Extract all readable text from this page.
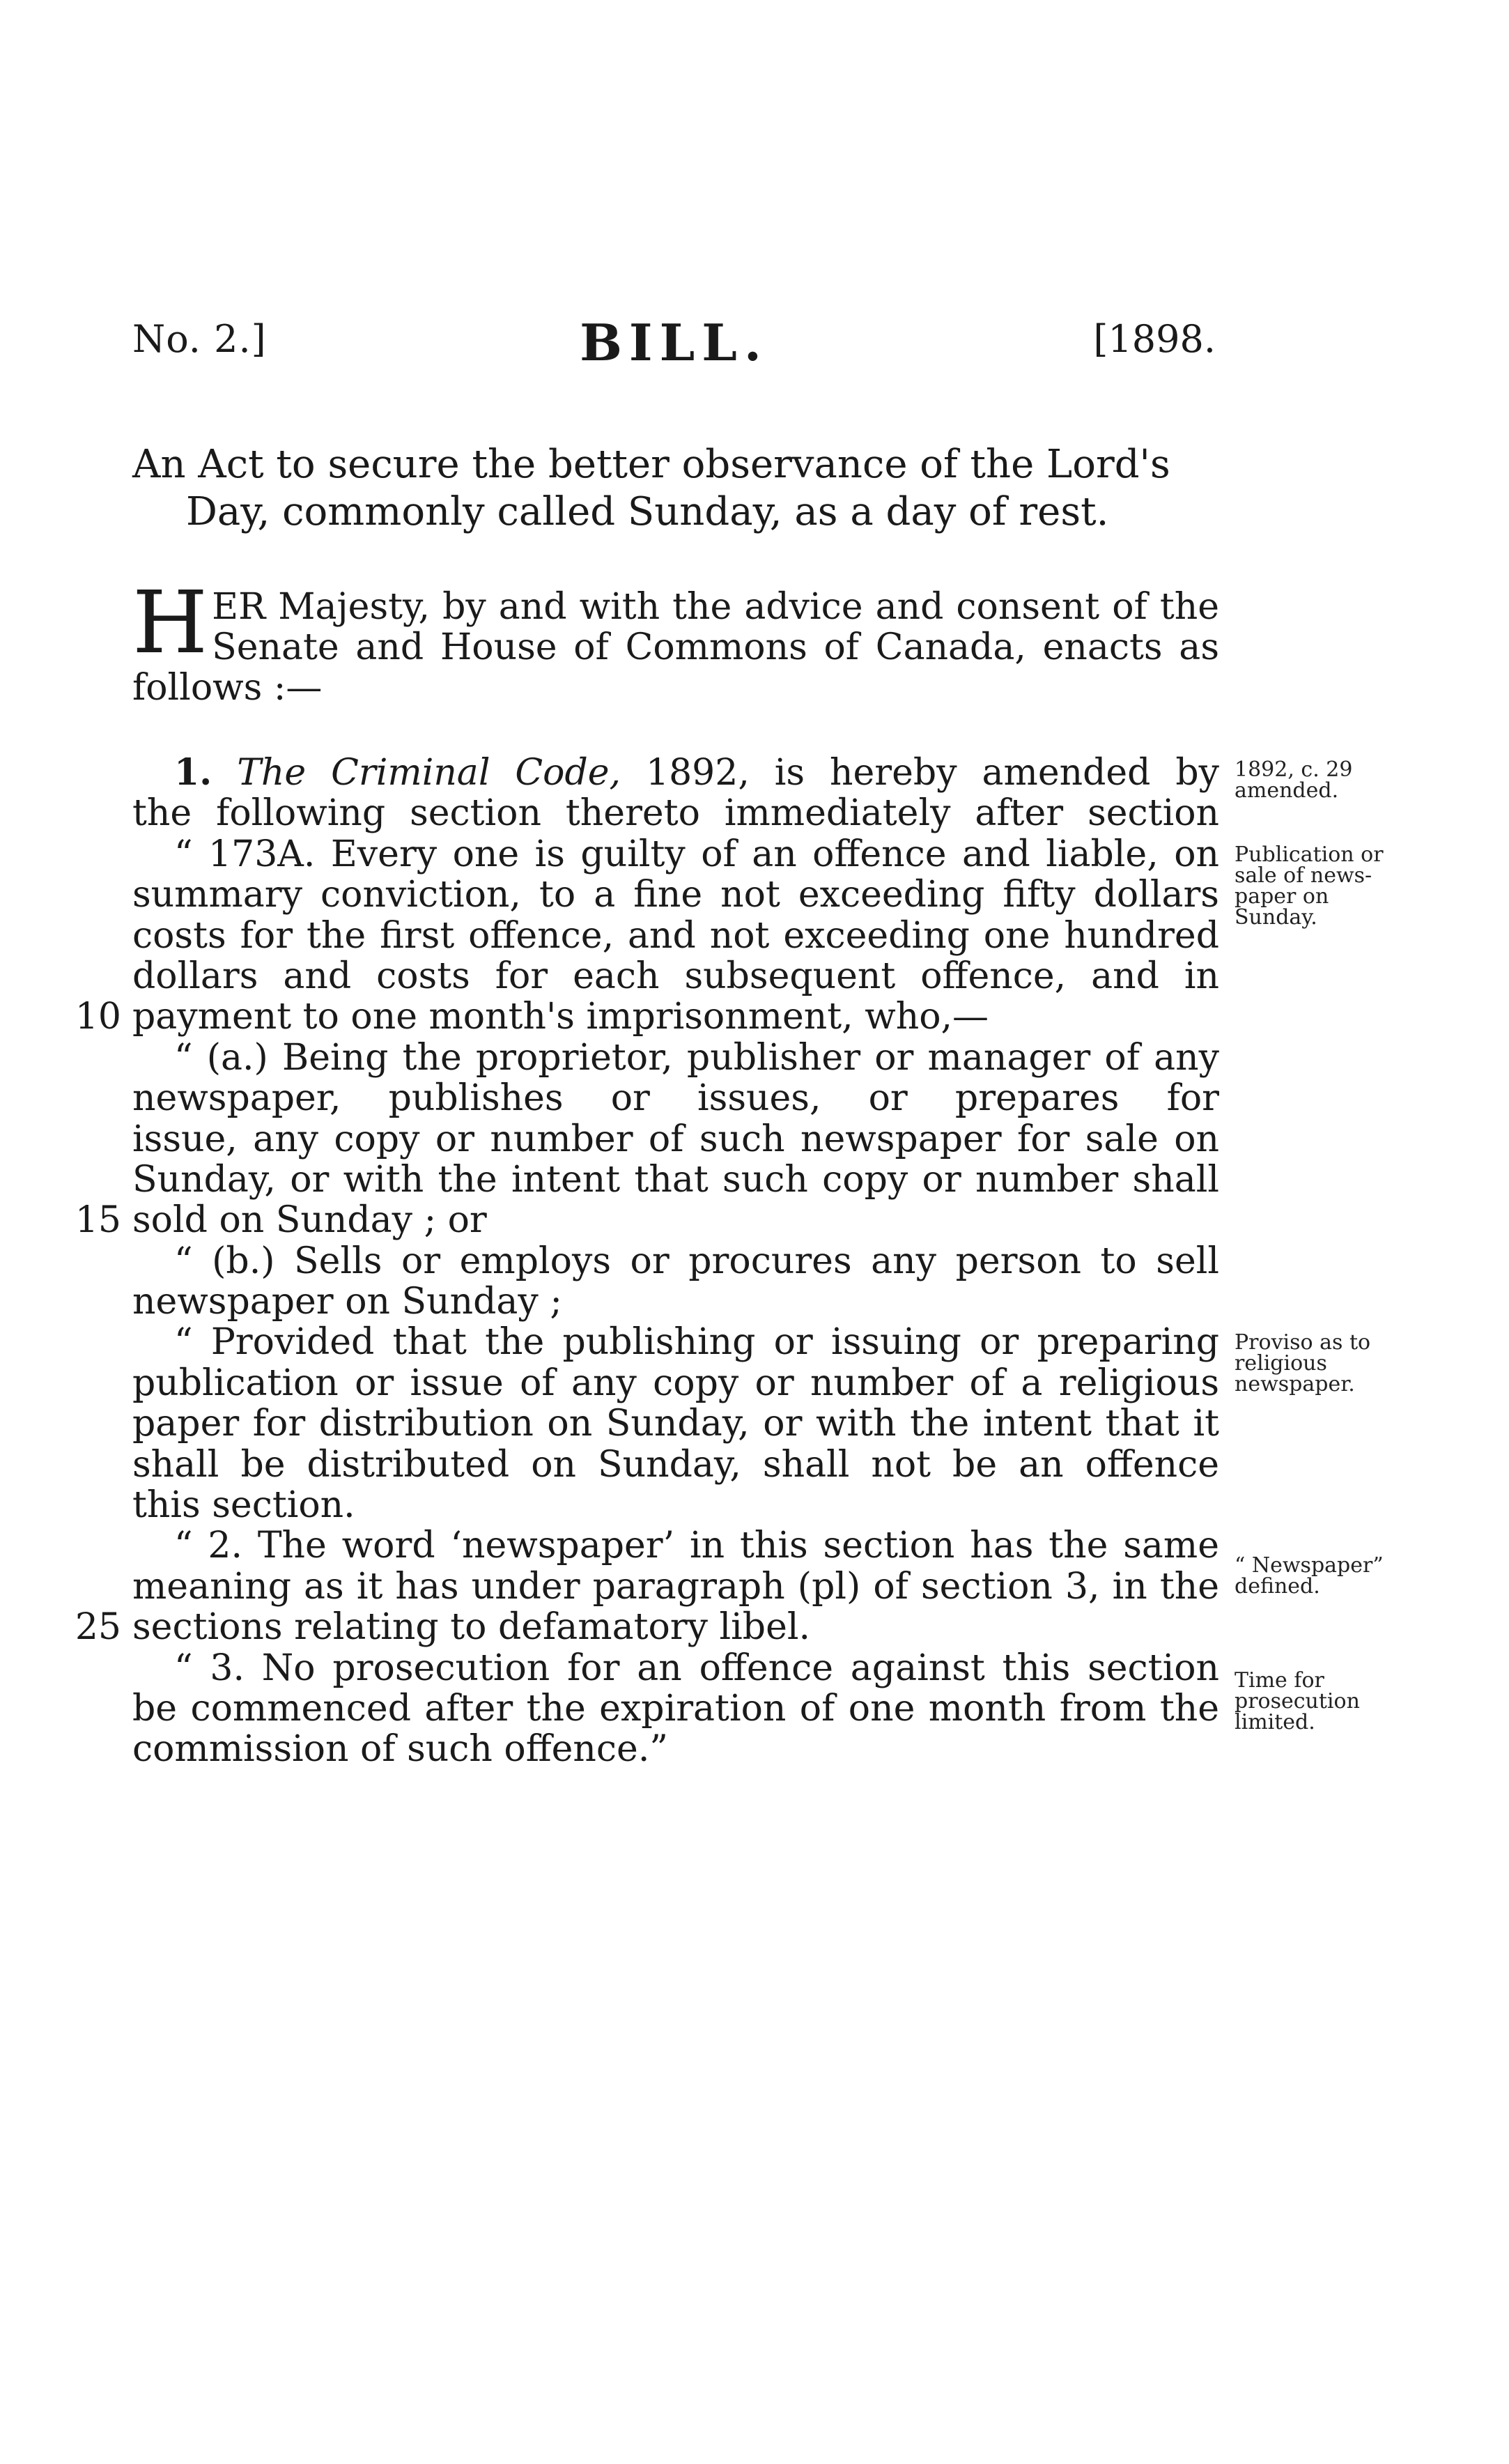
No. 2.]	BILL.	[1898.
An Act to secure the better observance of the Lord's
Day, commonly called Sunday, as a day of rest.
H ER Majesty, by and with the advice and consent of the
Senate and House of Commons of Canada, enacts as
follows :—
1. The Criminal Code, 1892, is hereby amended by
the following section thereto immediately after section
“ 173A. Every one is guilty of an offence and liable, on
summary conviction, to a fine not exceeding fifty dollars
costs for the first offence, and not exceeding one hundred
dollars and costs for each subsequent offence, and in
10 payment to one month's imprisonment, who,—
“ (a.) Being the proprietor, publisher or manager of any
newspaper, publishes or issues, or prepares for
issue, any copy or number of such newspaper for sale on
Sunday, or with the intent that such copy or number shall
15 sold on Sunday ; or
“ (b.) Sells or employs or procures any person to sell
newspaper on Sunday ;
“ Provided that the publishing or issuing or preparing
publication or issue of any copy or number of a religious
paper for distribution on Sunday, or with the intent that it
shall be distributed on Sunday, shall not be an offence
this section.
“ 2. The word ‘newspaper’ in this section has the same
meaning as it has under paragraph (pl) of section 3, in the
25 sections relating to defamatory libel.
“ 3. No prosecution for an offence against this section
be commenced after the expiration of one month from the
commission of such offence.”
1892, c. 29
amended.
Publication or
sale of news-
paper on
Sunday.
Proviso as to
religious
newspaper.
“ Newspaper”
defined.
Time for
prosecution
limited.
